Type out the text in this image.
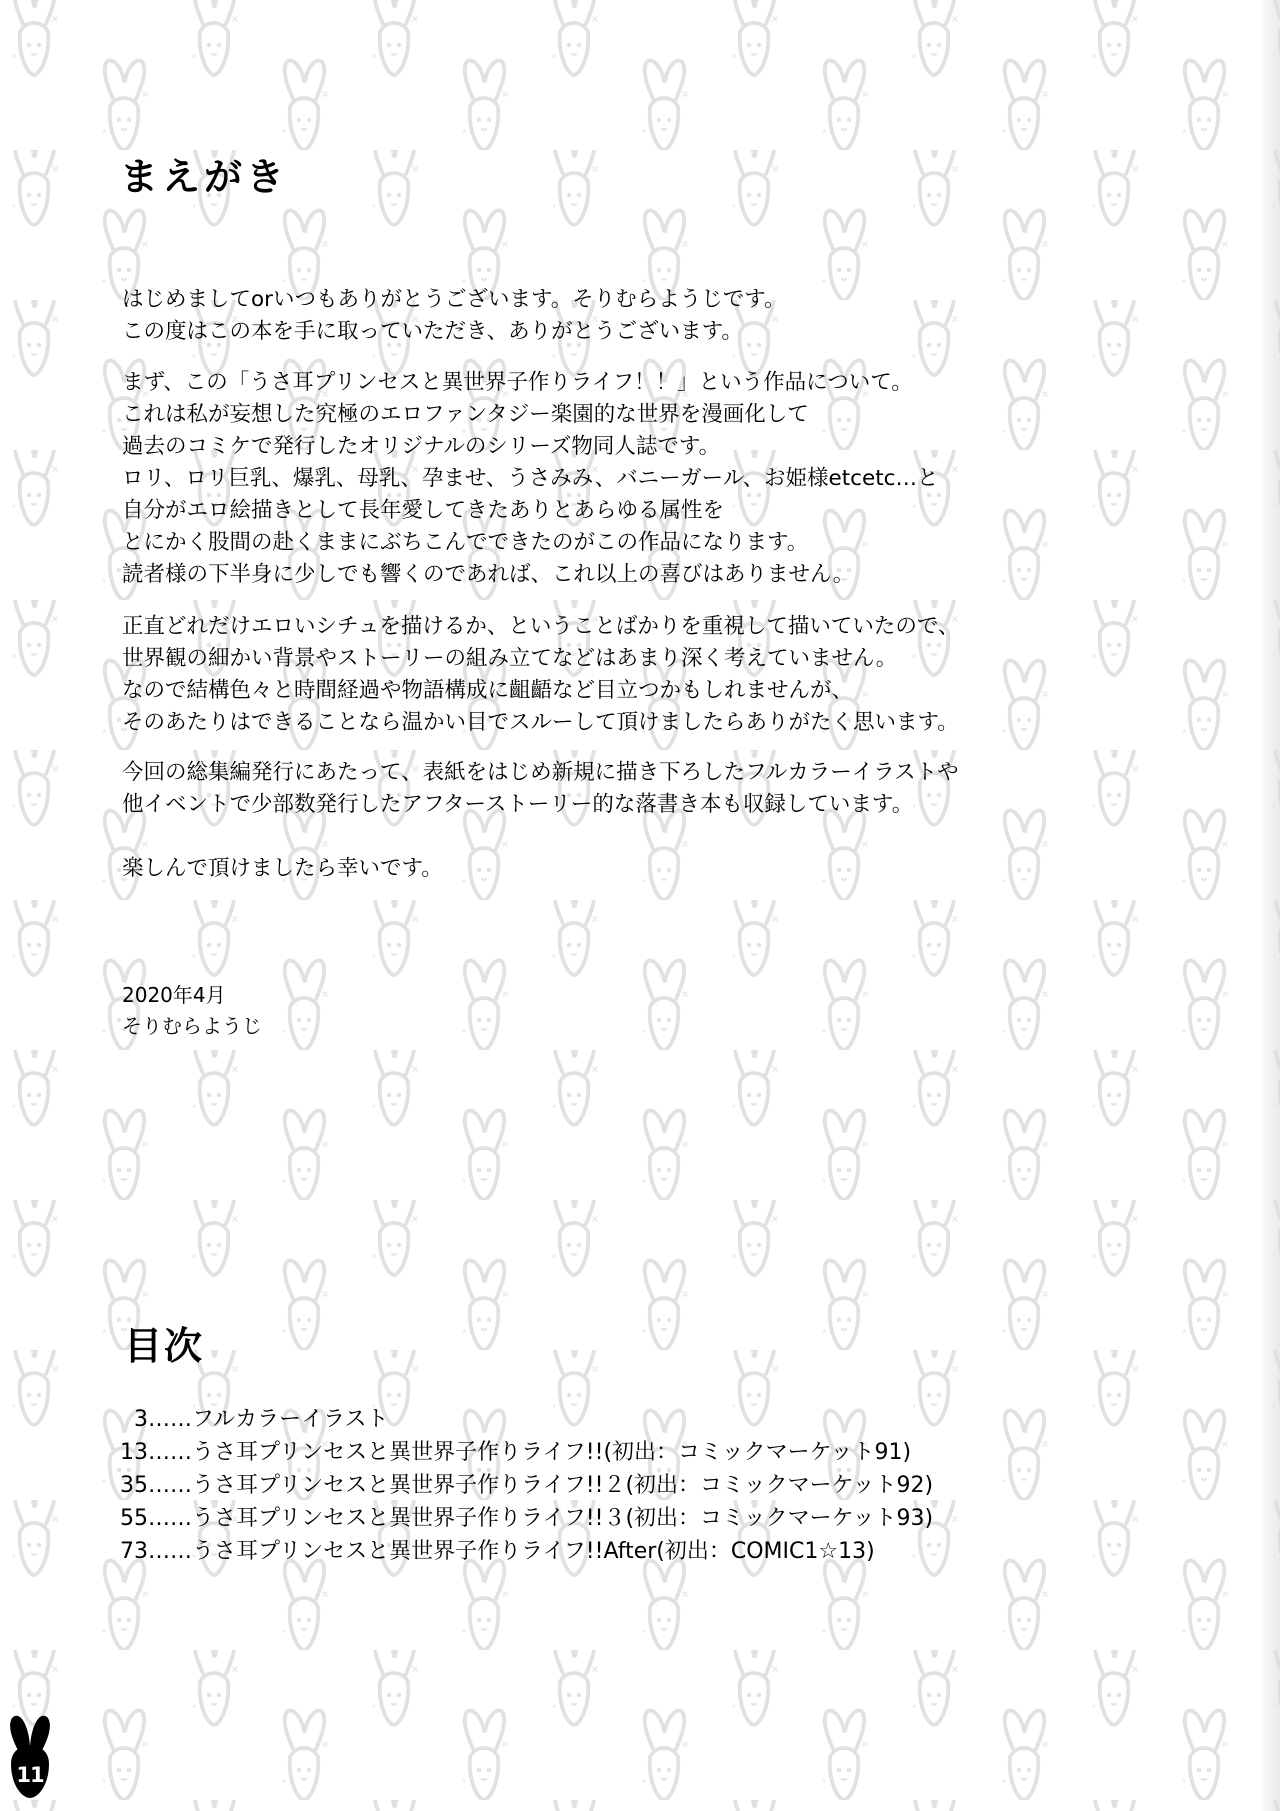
まえがき
はじめましてorいつもありがとうございます。そりむらようじです。
この度はこの本を手に取っていただき、ありがとうございます。
まず、この「うさ耳プリンセスと異世界子作りライフ！！」という作品について。
これは私が妄想した究極のエロファンタジー楽園的な世界を漫画化して
過去のコミケで発行したオリジナルのシリーズ物同人誌です。
ロリ、ロリ巨乳、爆乳、母乳、孕ませ、うさみみ、バニーガール、お姫様etcetc…と
自分がエロ絵描きとして長年愛してきたありとあらゆる属性を
とにかく股間の赴くままにぶちこんでできたのがこの作品になります。
読者様の下半身に少しでも響くのであれば、これ以上の喜びはありません。
正直どれだけエロいシチュを描けるか、ということばかりを重視して描いていたので、
世界観の細かい背景やストーリーの組み立てなどはあまり深く考えていません。
なので結構色々と時間経過や物語構成に齟齬など目立つかもしれませんが、
そのあたりはできることなら温かい目でスルーして頂けましたらありがたく思います。
今回の総集編発行にあたって、表紙をはじめ新規に描き下ろしたフルカラーイラストや
他イベントで少部数発行したアフターストーリー的な落書き本も収録しています。
楽しんで頂けましたら幸いです。
2020年4月
そりむらようじ
目次
3 …… フルカラーイラスト
13 …… うさ耳プリンセスと異世界子作りライフ!!(初出：コミックマーケット91)
35 …… うさ耳プリンセスと異世界子作りライフ!!２(初出：コミックマーケット92)
55 …… うさ耳プリンセスと異世界子作りライフ!!３(初出：コミックマーケット93)
73 …… うさ耳プリンセスと異世界子作りライフ!!After(初出：COMIC1☆13)
11
